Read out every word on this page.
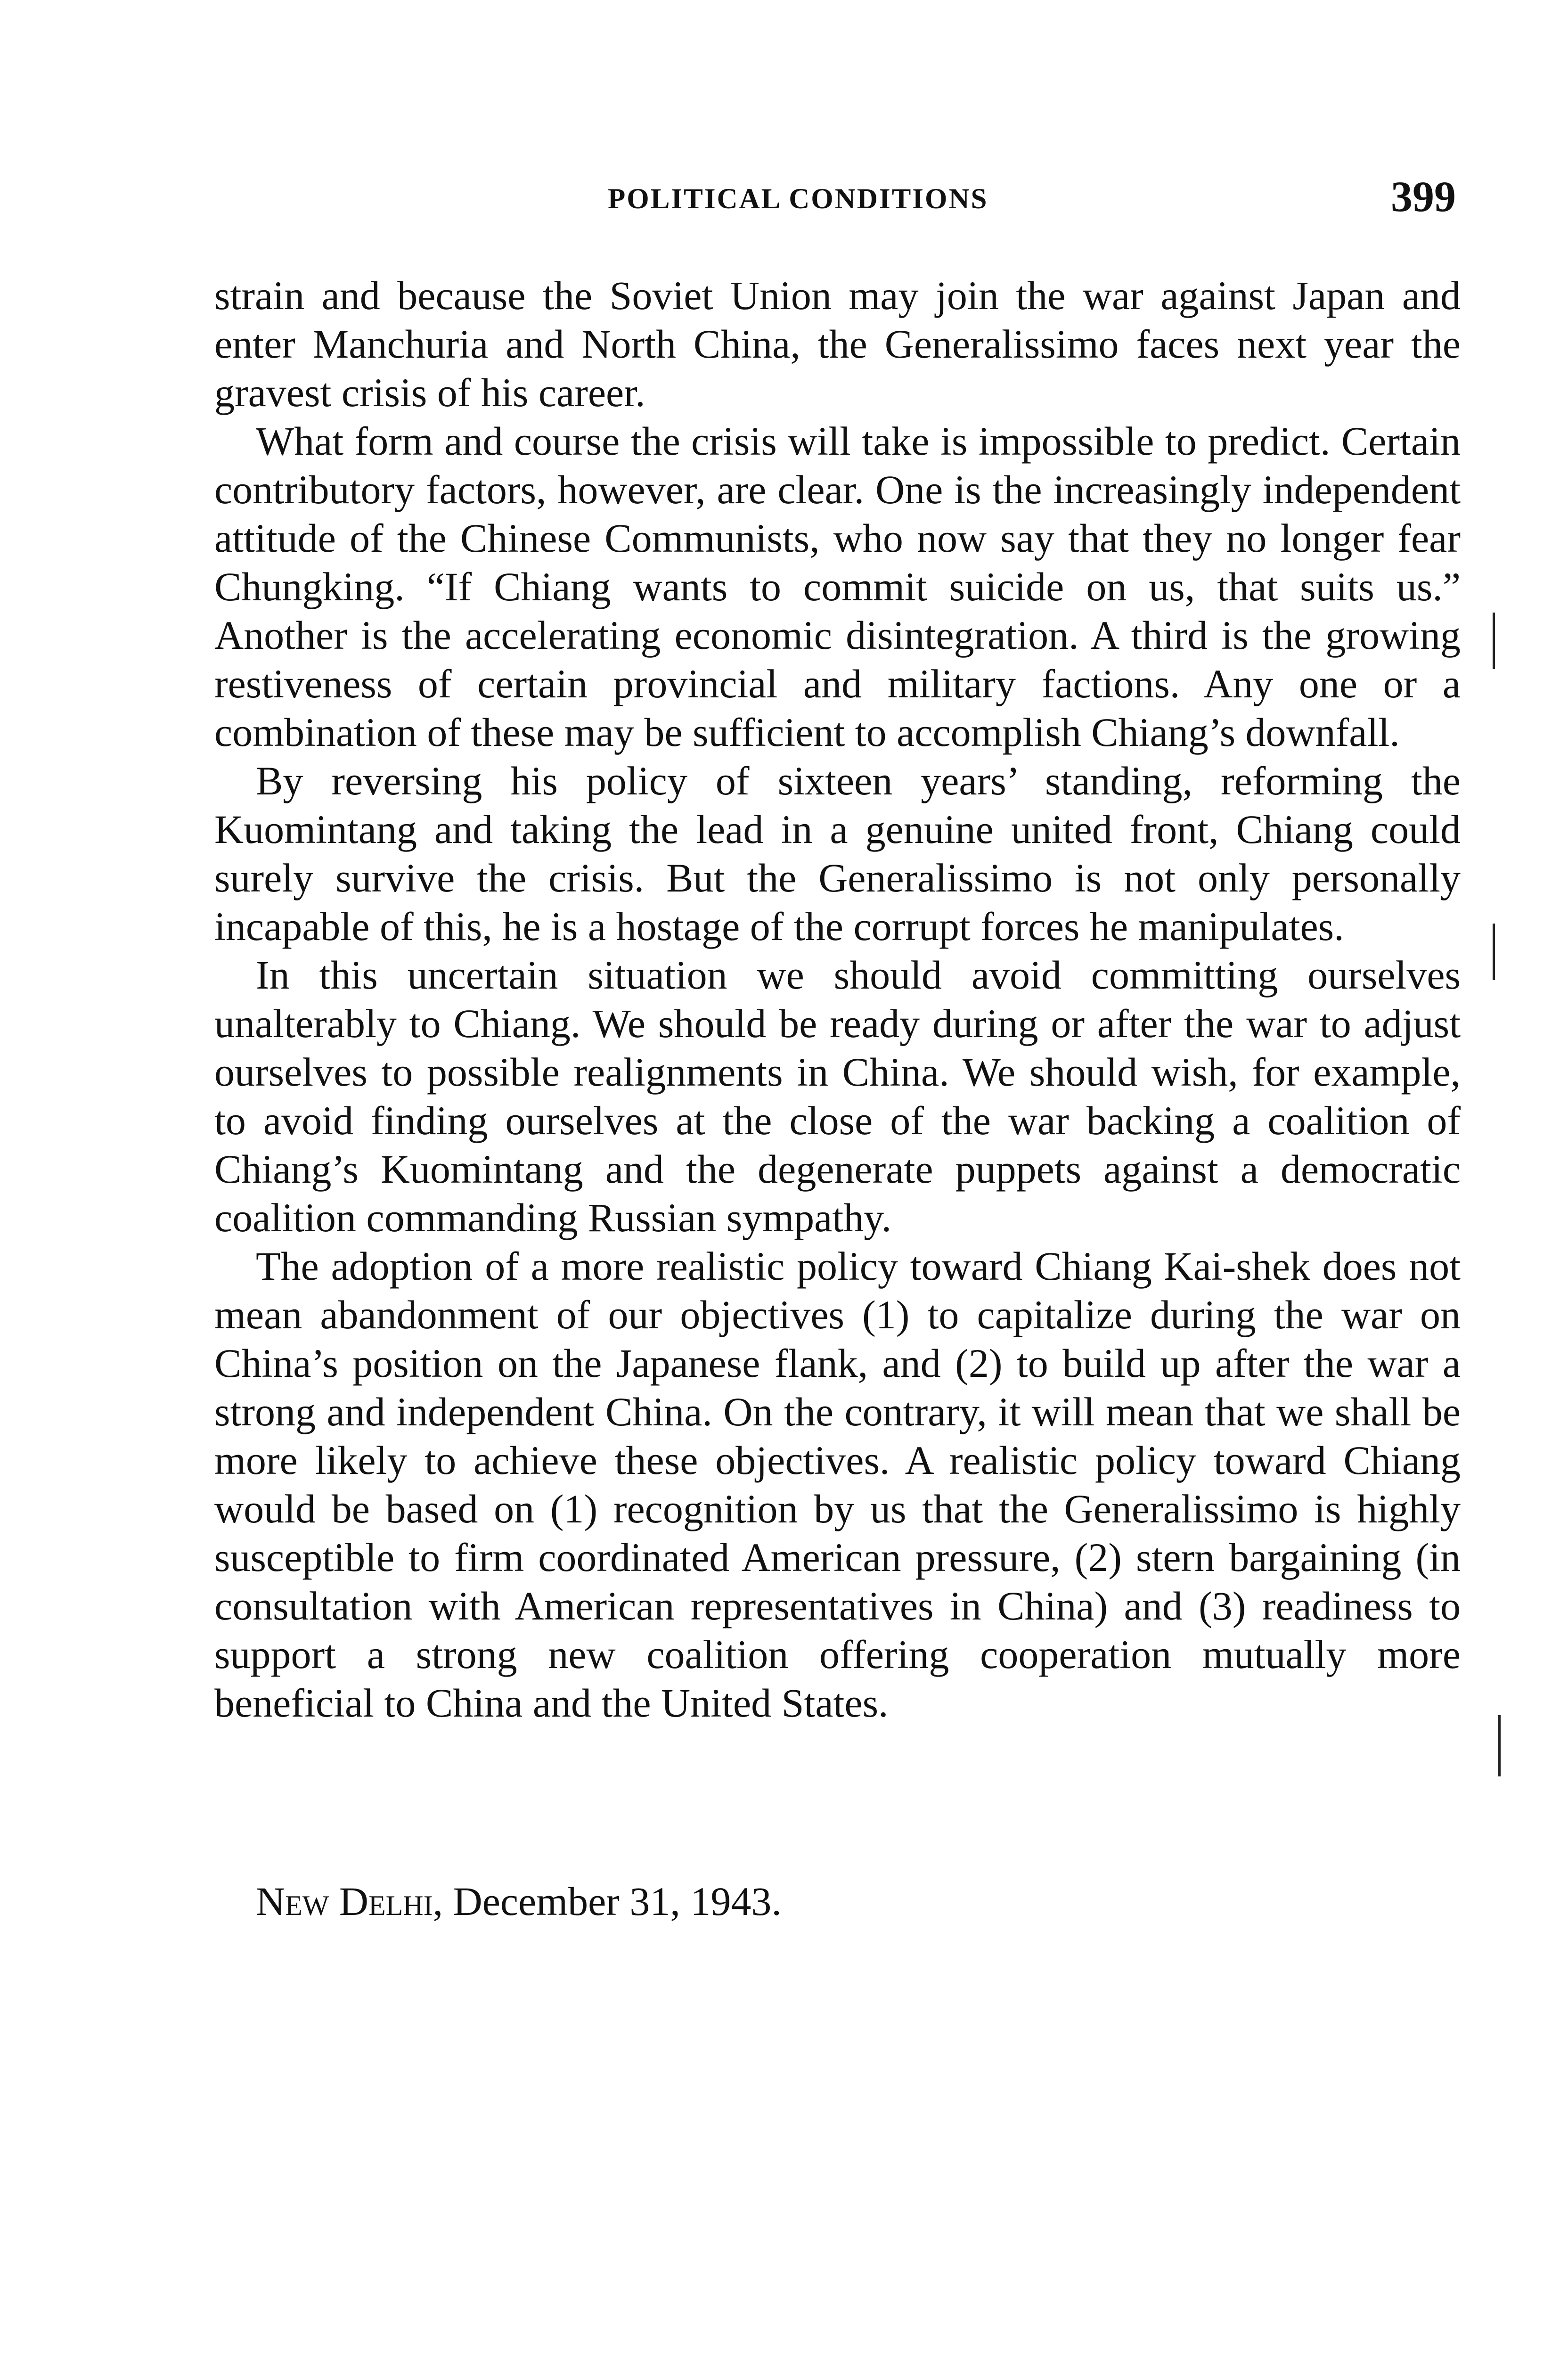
POLITICAL CONDITIONS	399

strain and because the Soviet Union may join the war against Japan and enter Manchuria and North China, the Generalissimo faces next year the gravest crisis of his career.

What form and course the crisis will take is impossible to predict. Certain contributory factors, however, are clear. One is the increasingly independent attitude of the Chinese Communists, who now say that they no longer fear Chungking. “If Chiang wants to commit suicide on us, that suits us.” Another is the accelerating economic disintegration. A third is the growing restiveness of certain provincial and military factions. Any one or a combination of these may be sufficient to accomplish Chiang’s downfall.

By reversing his policy of sixteen years’ standing, reforming the Kuomintang and taking the lead in a genuine united front, Chiang could surely survive the crisis. But the Generalissimo is not only personally incapable of this, he is a hostage of the corrupt forces he manipulates.

In this uncertain situation we should avoid committing ourselves unalterably to Chiang. We should be ready during or after the war to adjust ourselves to possible realignments in China. We should wish, for example, to avoid finding ourselves at the close of the war backing a coalition of Chiang’s Kuomintang and the degenerate puppets against a democratic coalition commanding Russian sympathy.

The adoption of a more realistic policy toward Chiang Kai-shek does not mean abandonment of our objectives (1) to capitalize during the war on China’s position on the Japanese flank, and (2) to build up after the war a strong and independent China. On the contrary, it will mean that we shall be more likely to achieve these objectives. A realistic policy toward Chiang would be based on (1) recognition by us that the Generalissimo is highly susceptible to firm coordinated American pressure, (2) stern bargaining (in consultation with American representatives in China) and (3) readiness to support a strong new coalition offering cooperation mutually more beneficial to China and the United States.

New Delhi, December 31, 1943.
